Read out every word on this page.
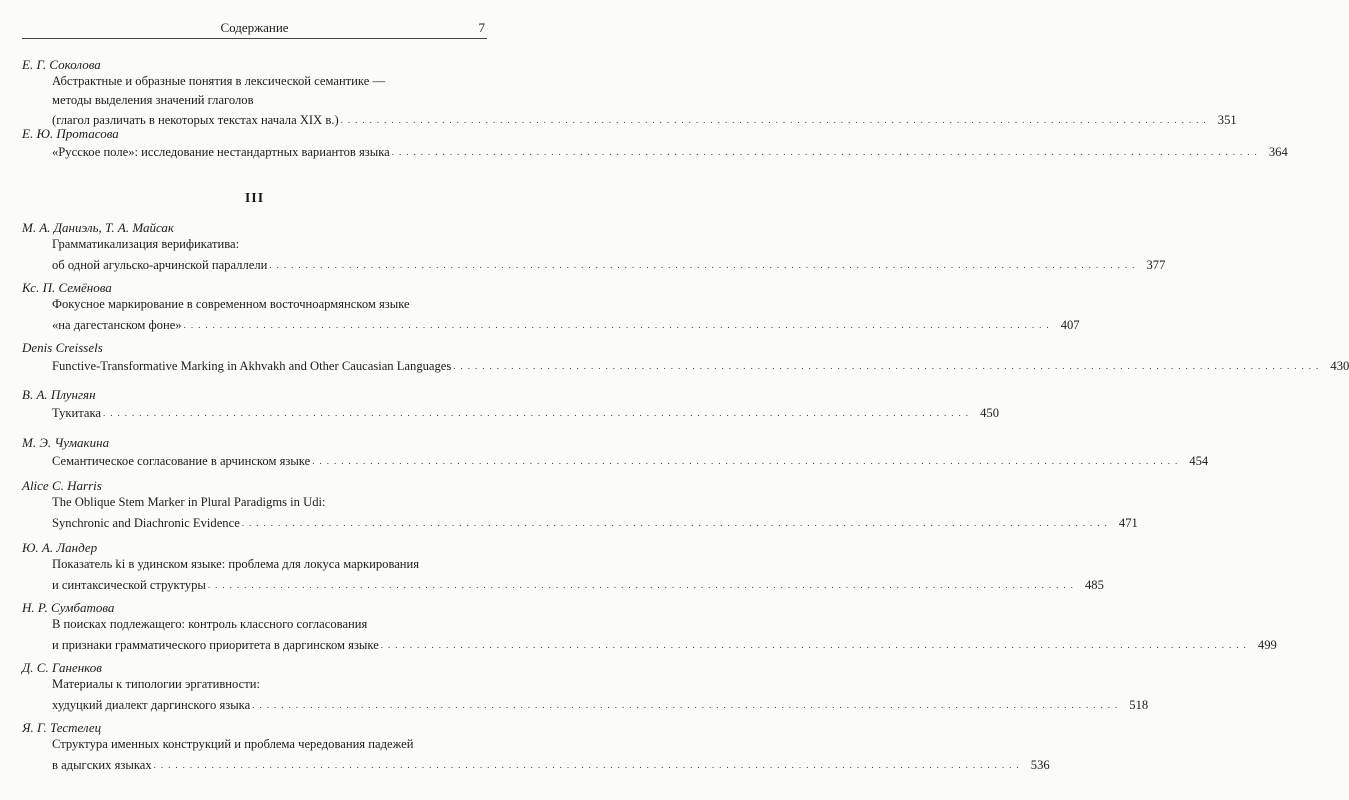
Содержание	7
III
Е. Г. Соколова
Абстрактные и образные понятия в лексической семантике —
методы выделения значений глаголов
(глагол различать в некоторых текстах начала XIX в.) ........................................................................................................................ 351
Е. Ю. Протасова
«Русское поле»: исследование нестандартных вариантов языка ........................................................................................................................ 364
М. А. Даниэль, Т. А. Майсак
Грамматикализация верификатива:
об одной агульско-арчинской параллели ........................................................................................................................ 377
Кс. П. Семёнова
Фокусное маркирование в современном восточноармянском языке
«на дагестанском фоне» ........................................................................................................................ 407
Denis Creissels
Functive-Transformative Marking in Akhvakh and Other Caucasian Languages ........................................................................................................................ 430
В. А. Плунгян
Тукитака ........................................................................................................................ 450
М. Э. Чумакина
Семантическое согласование в арчинском языке ........................................................................................................................ 454
Alice C. Harris
The Oblique Stem Marker in Plural Paradigms in Udi:
Synchronic and Diachronic Evidence ........................................................................................................................ 471
Ю. А. Ландер
Показатель ki в удинском языке: проблема для локуса маркирования
и синтаксической структуры ........................................................................................................................ 485
Н. Р. Сумбатова
В поисках подлежащего: контроль классного согласования
и признаки грамматического приоритета в даргинском языке ........................................................................................................................ 499
Д. С. Ганенков
Материалы к типологии эргативности:
худуцкий диалект даргинского языка ........................................................................................................................ 518
Я. Г. Тестелец
Структура именных конструкций и проблема чередования падежей
в адыгских языках ........................................................................................................................ 536
